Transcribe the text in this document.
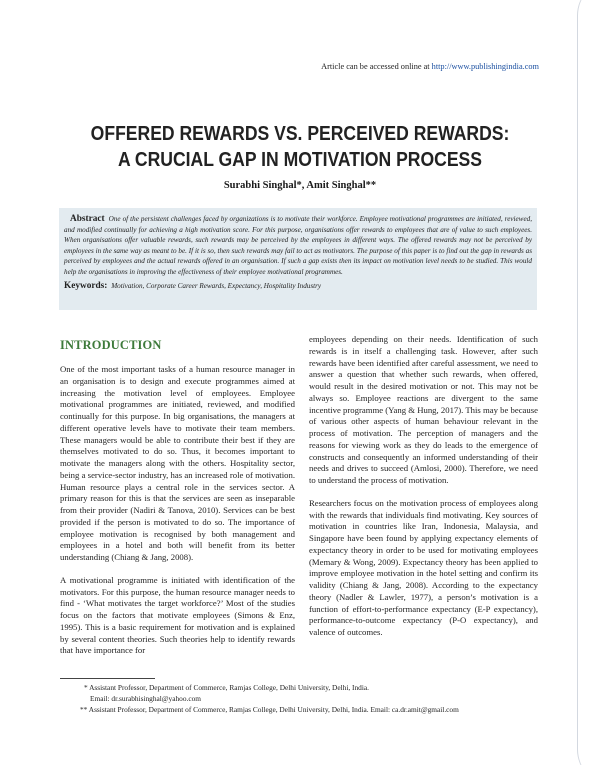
Article can be accessed online at http://www.publishingindia.com
OFFERED REWARDS VS. PERCEIVED REWARDS:
A CRUCIAL GAP IN MOTIVATION PROCESS
Surabhi Singhal*, Amit Singhal**

Abstract One of the persistent challenges faced by organizations is to motivate their workforce. Employee motivational programmes are initiated, reviewed, and modified continually for achieving a high motivation score. For this purpose, organisations offer rewards to employees that are of value to such employees. When organisations offer valuable rewards, such rewards may be perceived by the employees in different ways. The offered rewards may not be perceived by employees in the same way as meant to be. If it is so, then such rewards may fail to act as motivators. The purpose of this paper is to find out the gap in rewards as perceived by employees and the actual rewards offered in an organisation. If such a gap exists then its impact on motivation level needs to be studied. This would help the organisations in improving the effectiveness of their employee motivational programmes.

Keywords: Motivation, Corporate Career Rewards, Expectancy, Hospitality Industry

INTRODUCTION

One of the most important tasks of a human resource manager in an organisation is to design and execute programmes aimed at increasing the motivation level of employees. Employee motivational programmes are initiated, reviewed, and modified continually for this purpose. In big organisations, the managers at different operative levels have to motivate their team members. These managers would be able to contribute their best if they are themselves motivated to do so. Thus, it becomes important to motivate the managers along with the others. Hospitality sector, being a service-sector industry, has an increased role of motivation. Human resource plays a central role in the services sector. A primary reason for this is that the services are seen as inseparable from their provider (Nadiri & Tanova, 2010). Services can be best provided if the person is motivated to do so. The importance of employee motivation is recognised by both management and employees in a hotel and both will benefit from its better understanding (Chiang & Jang, 2008).

A motivational programme is initiated with identification of the motivators. For this purpose, the human resource manager needs to find - ‘What motivates the target workforce?’ Most of the studies focus on the factors that motivate employees (Simons & Enz, 1995). This is a basic requirement for motivation and is explained by several content theories. Such theories help to identify rewards that have importance for

employees depending on their needs. Identification of such rewards is in itself a challenging task. However, after such rewards have been identified after careful assessment, we need to answer a question that whether such rewards, when offered, would result in the desired motivation or not. This may not be always so. Employee reactions are divergent to the same incentive programme (Yang & Hung, 2017). This may be because of various other aspects of human behaviour relevant in the process of motivation. The perception of managers and the reasons for viewing work as they do leads to the emergence of constructs and consequently an informed understanding of their needs and drives to succeed (Amlosi, 2000). Therefore, we need to understand the process of motivation.

Researchers focus on the motivation process of employees along with the rewards that individuals find motivating. Key sources of motivation in countries like Iran, Indonesia, Malaysia, and Singapore have been found by applying expectancy elements of expectancy theory in order to be used for motivating employees (Memary & Wong, 2009). Expectancy theory has been applied to improve employee motivation in the hotel setting and confirm its validity (Chiang & Jang, 2008). According to the expectancy theory (Nadler & Lawler, 1977), a person’s motivation is a function of effort-to-performance expectancy (E-P expectancy), performance-to-outcome expectancy (P-O expectancy), and valence of outcomes.

* Assistant Professor, Department of Commerce, Ramjas College, Delhi University, Delhi, India.
Email: dr.surabhisinghal@yahoo.com
** Assistant Professor, Department of Commerce, Ramjas College, Delhi University, Delhi, India. Email: ca.dr.amit@gmail.com
